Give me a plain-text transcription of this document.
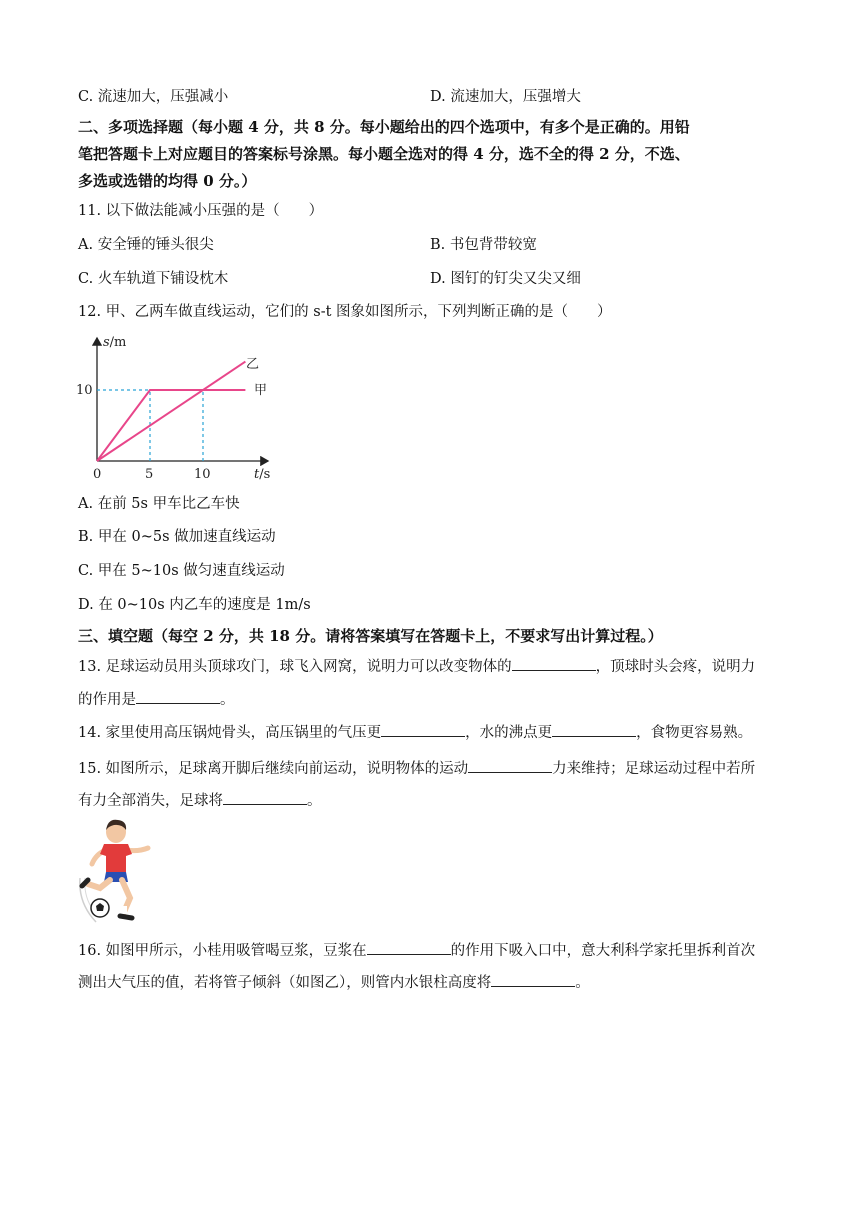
C. 流速加大，压强减小	D. 流速加大，压强增大
二、多项选择题（每小题 4 分，共 8 分。每小题给出的四个选项中，有多个是正确的。用铅
笔把答题卡上对应题目的答案标号涂黑。每小题全选对的得 4 分，选不全的得 2 分，不选、
多选或选错的均得 0 分。）
11. 以下做法能减小压强的是（　　）
A. 安全锤的锤头很尖	B. 书包背带较宽
C. 火车轨道下铺设枕木	D. 图钉的钉尖又尖又细
12. 甲、乙两车做直线运动，它们的 s-t 图象如图所示，下列判断正确的是（　　）
s/m
t/s
10
0	5	10
乙
甲
A. 在前 5s 甲车比乙车快
B. 甲在 0~5s 做加速直线运动
C. 甲在 5~10s 做匀速直线运动
D. 在 0~10s 内乙车的速度是 1m/s
三、填空题（每空 2 分，共 18 分。请将答案填写在答题卡上，不要求写出计算过程。）
13. 足球运动员用头顶球攻门，球飞入网窝，说明力可以改变物体的	，顶球时头会疼，说明力
的作用是	。
14. 家里使用高压锅炖骨头，高压锅里的气压更	，水的沸点更	，食物更容易熟。
15. 如图所示，足球离开脚后继续向前运动，说明物体的运动	力来维持；足球运动过程中若所
有力全部消失，足球将	。
16. 如图甲所示，小桂用吸管喝豆浆，豆浆在	的作用下吸入口中，意大利科学家托里拆利首次
测出大气压的值，若将管子倾斜（如图乙），则管内水银柱高度将	。
